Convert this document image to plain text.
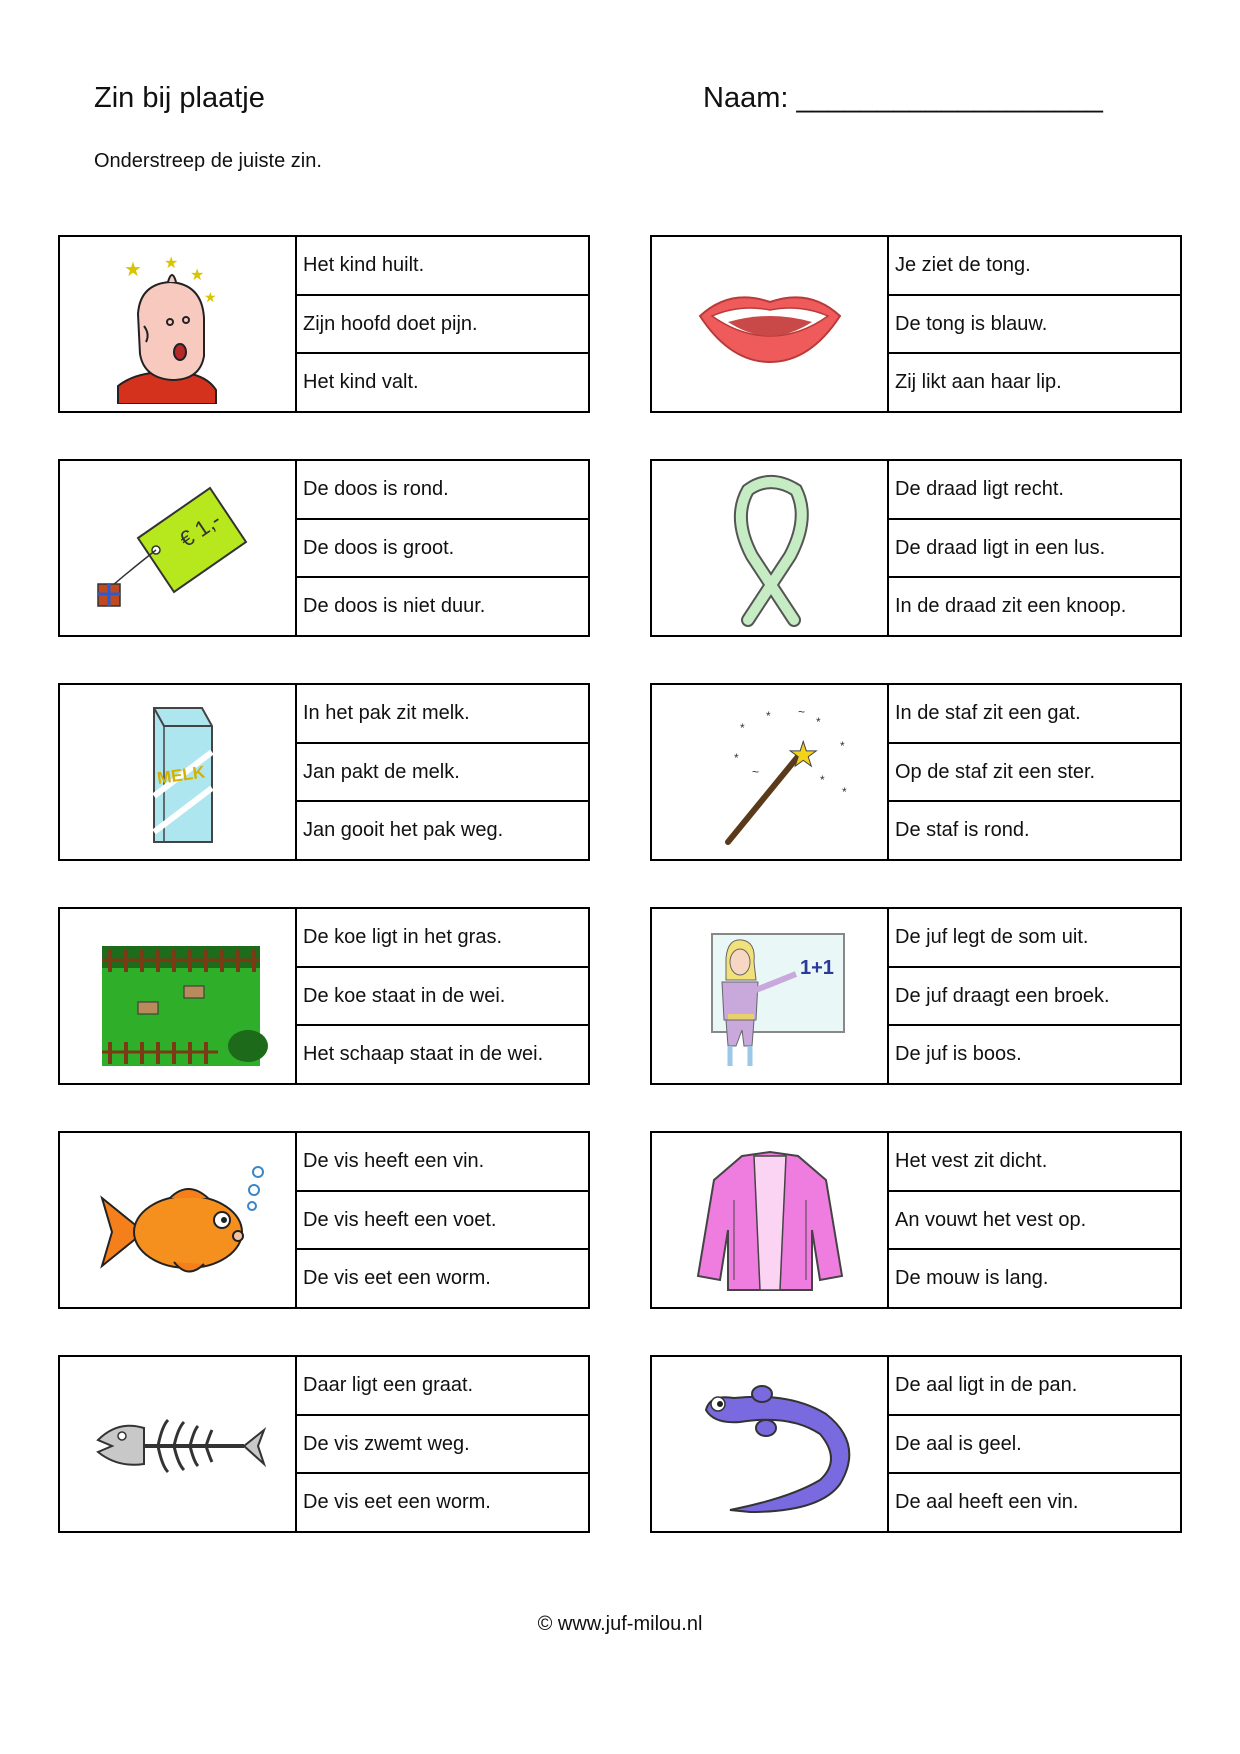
Zin bij plaatje	Naam: ___________________
Onderstreep de juiste zin.
★ ★
★
★
Het kind huilt.
Zijn hoofd doet pijn.
Het kind valt.
Je ziet de tong.
De tong is blauw.
Zij likt aan haar lip.
€ 1,-
De doos is rond.
De doos is groot.
De doos is niet duur.
De draad ligt recht.
De draad ligt in een lus.
In de draad zit een knoop.
MELK
In het pak zit melk.
Jan pakt de melk.
Jan gooit het pak weg.
★
*
*	*
*
*
*
*
~
~	In de staf zit een gat.
Op de staf zit een ster.
De staf is rond.
De koe ligt in het gras.
De koe staat in de wei.
Het schaap staat in de wei.
1+1
De juf legt de som uit.
De juf draagt een broek.
De juf is boos.
De vis heeft een vin.
De vis heeft een voet.
De vis eet een worm.
Het vest zit dicht.
An vouwt het vest op.
De mouw is lang.
Daar ligt een graat.
De vis zwemt weg.
De vis eet een worm.
De aal ligt in de pan.
De aal is geel.
De aal heeft een vin.
© www.juf-milou.nl
